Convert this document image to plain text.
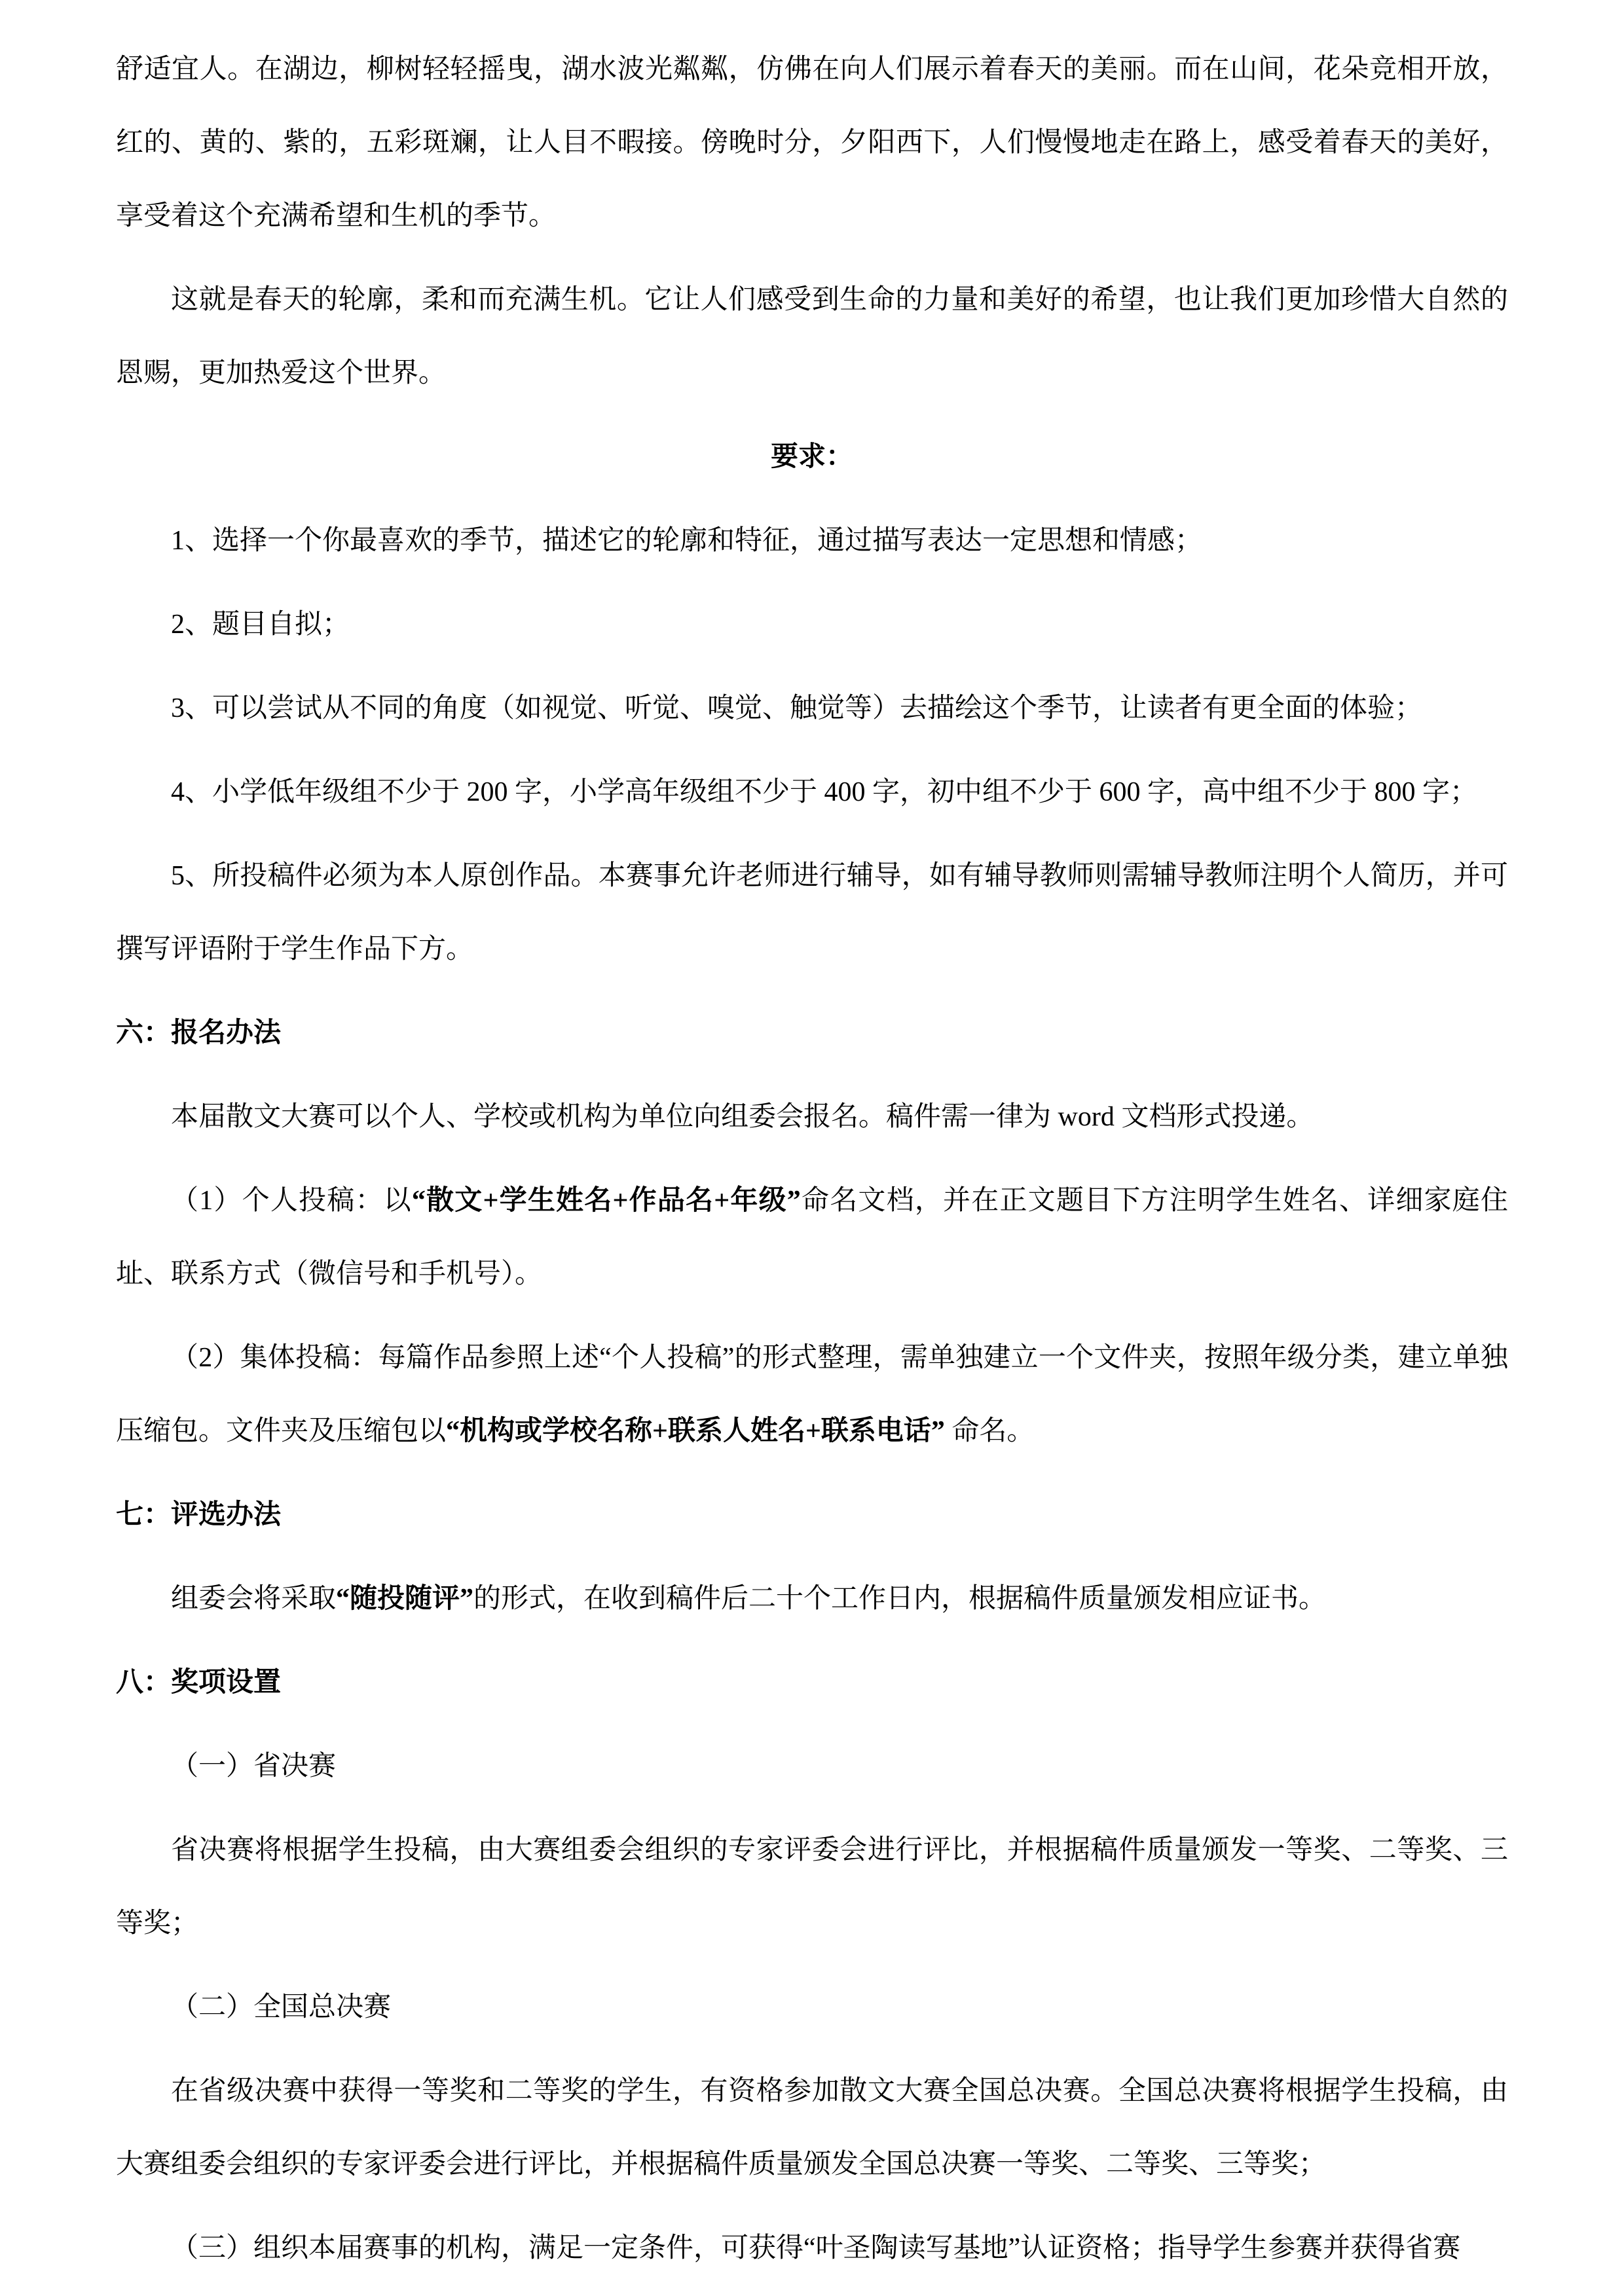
舒适宜人。在湖边，柳树轻轻摇曳，湖水波光粼粼，仿佛在向人们展示着春天的美丽。而在山间，花朵竞相开放，红的、黄的、紫的，五彩斑斓，让人目不暇接。傍晚时分，夕阳西下，人们慢慢地走在路上，感受着春天的美好，享受着这个充满希望和生机的季节。
这就是春天的轮廓，柔和而充满生机。它让人们感受到生命的力量和美好的希望，也让我们更加珍惜大自然的恩赐，更加热爱这个世界。
要求：
1、选择一个你最喜欢的季节，描述它的轮廓和特征，通过描写表达一定思想和情感；
2、题目自拟；
3、可以尝试从不同的角度（如视觉、听觉、嗅觉、触觉等）去描绘这个季节，让读者有更全面的体验；
4、小学低年级组不少于 200 字，小学高年级组不少于 400 字，初中组不少于 600 字，高中组不少于 800 字；
5、所投稿件必须为本人原创作品。本赛事允许老师进行辅导，如有辅导教师则需辅导教师注明个人简历，并可撰写评语附于学生作品下方。
六：报名办法
本届散文大赛可以个人、学校或机构为单位向组委会报名。稿件需一律为 word 文档形式投递。
（1）个人投稿：以“散文+学生姓名+作品名+年级”命名文档，并在正文题目下方注明学生姓名、详细家庭住址、联系方式（微信号和手机号）。
（2）集体投稿：每篇作品参照上述“个人投稿”的形式整理，需单独建立一个文件夹，按照年级分类，建立单独压缩包。文件夹及压缩包以“机构或学校名称+联系人姓名+联系电话” 命名。
七：评选办法
组委会将采取“随投随评”的形式，在收到稿件后二十个工作日内，根据稿件质量颁发相应证书。
八：奖项设置
（一）省决赛
省决赛将根据学生投稿，由大赛组委会组织的专家评委会进行评比，并根据稿件质量颁发一等奖、二等奖、三等奖；
（二）全国总决赛
在省级决赛中获得一等奖和二等奖的学生，有资格参加散文大赛全国总决赛。全国总决赛将根据学生投稿，由大赛组委会组织的专家评委会进行评比，并根据稿件质量颁发全国总决赛一等奖、二等奖、三等奖；
（三）组织本届赛事的机构，满足一定条件，可获得“叶圣陶读写基地”认证资格；指导学生参赛并获得省赛
